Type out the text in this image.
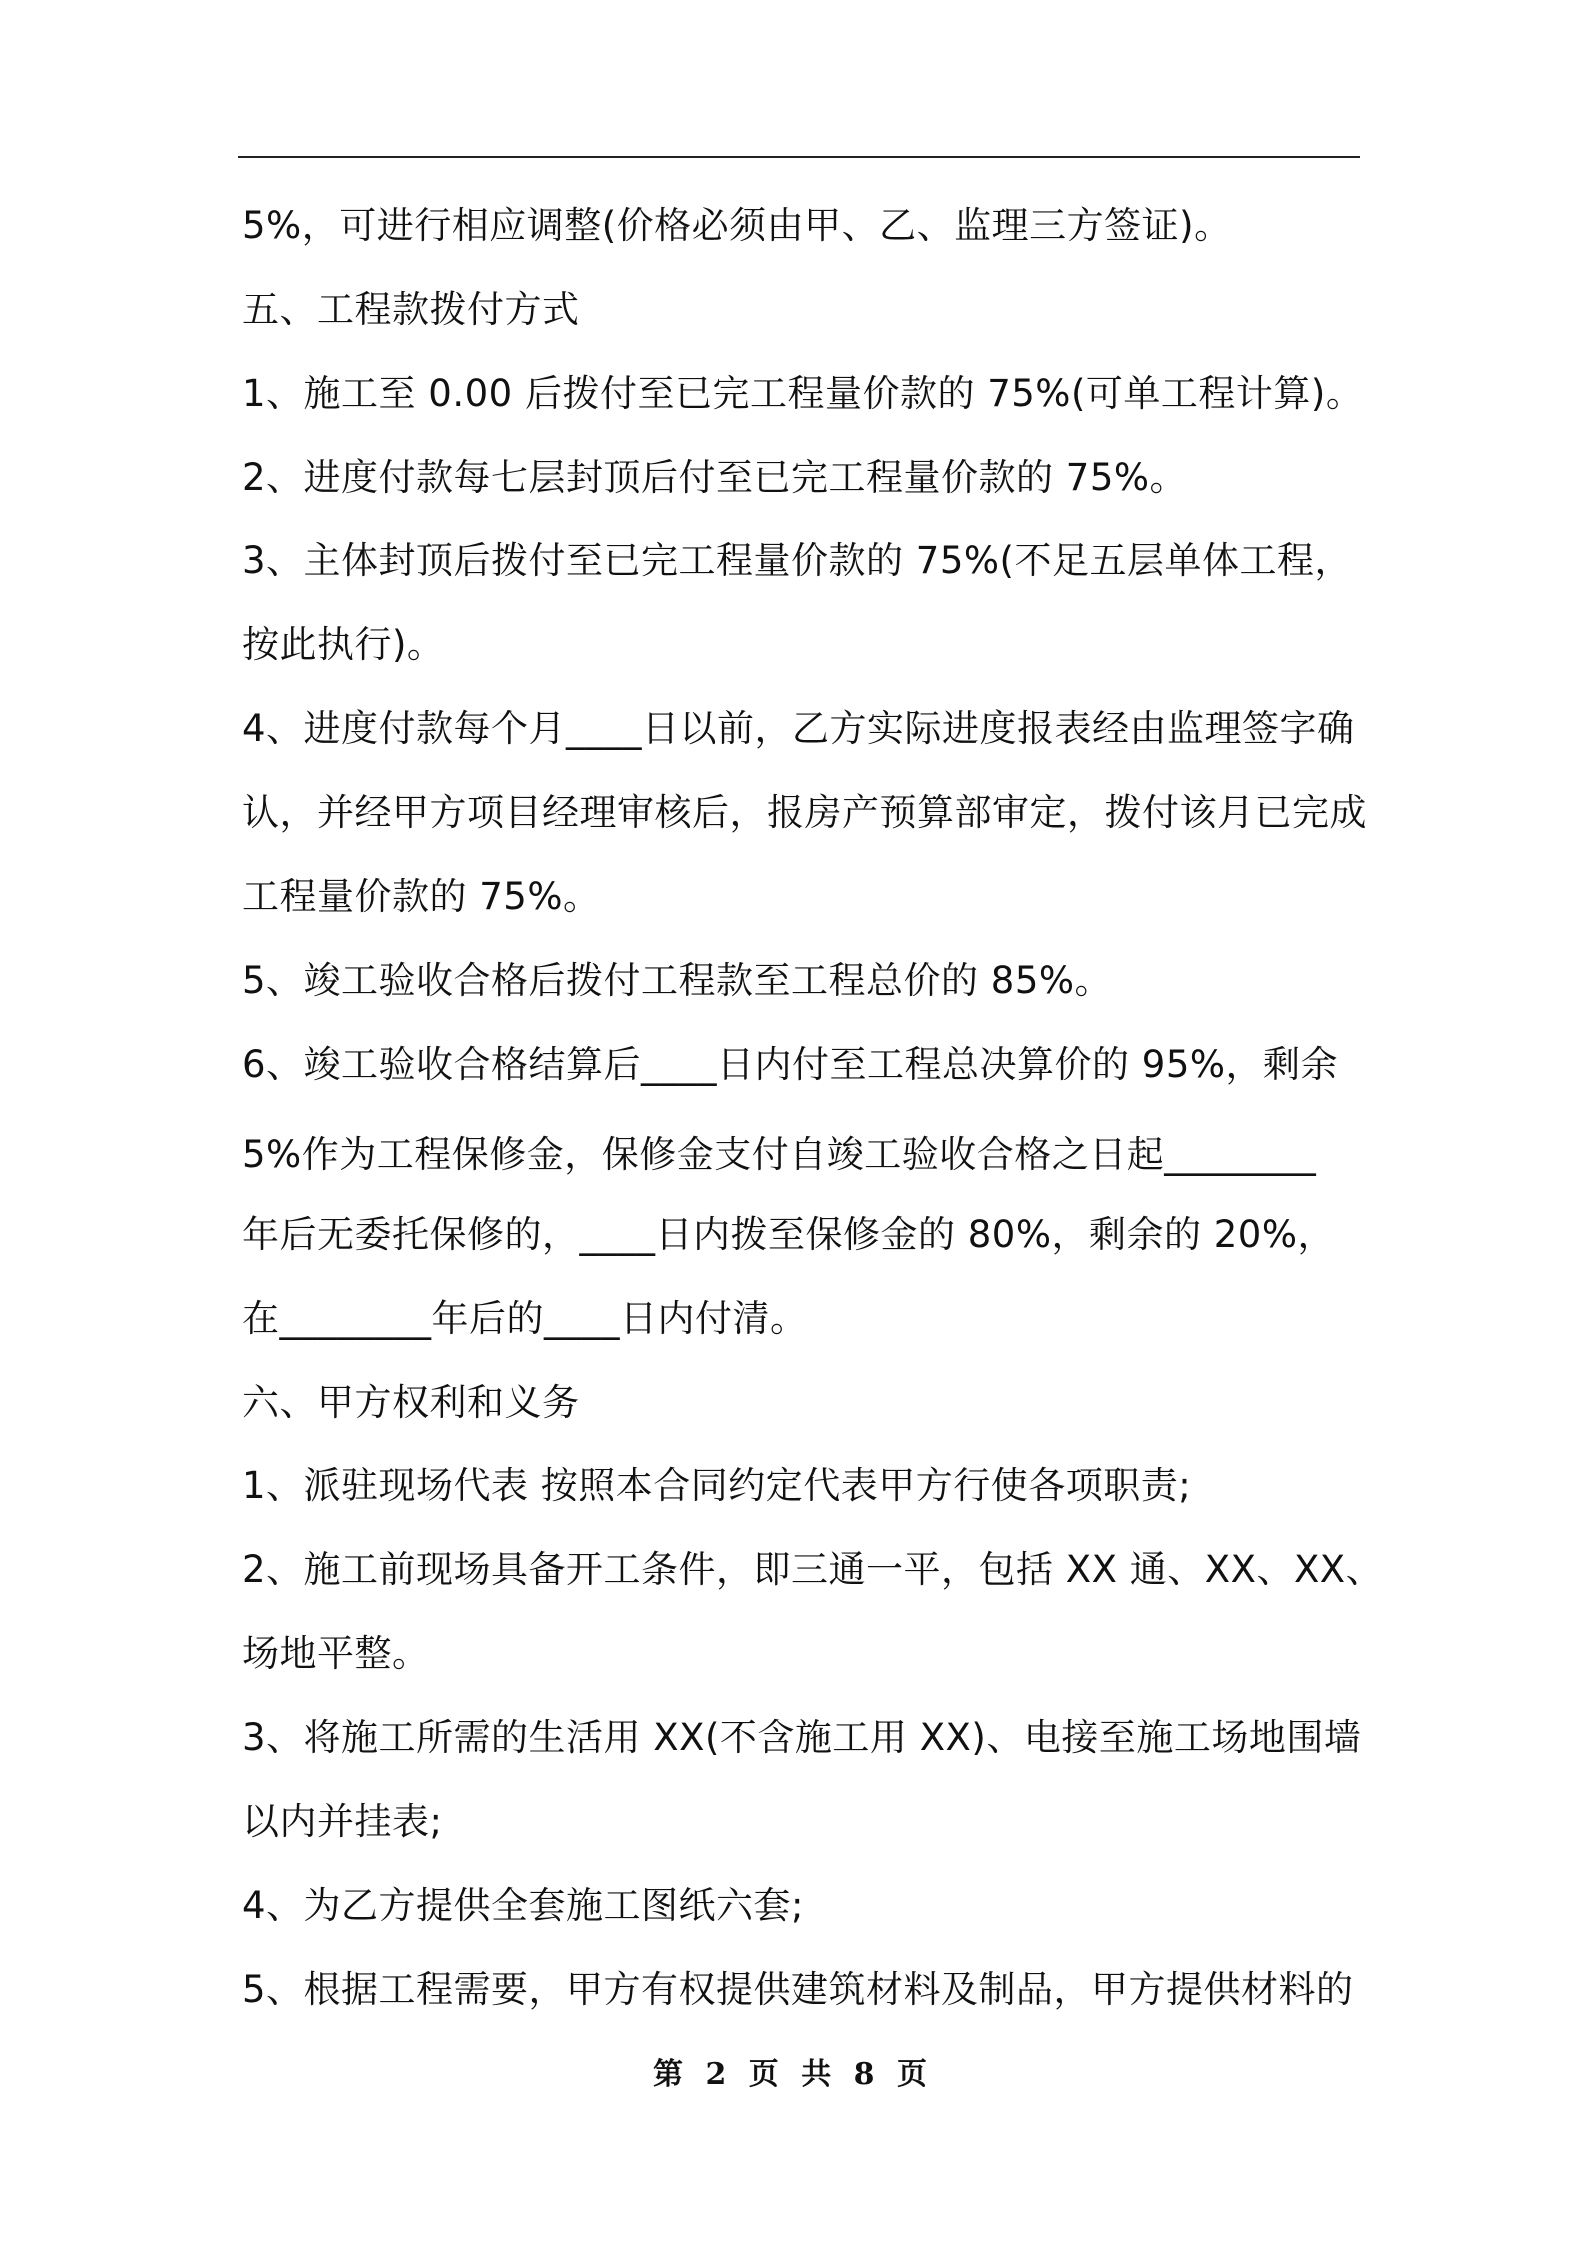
5%，可进行相应调整(价格必须由甲、乙、监理三方签证)。
五、工程款拨付方式
1、施工至 0.00 后拨付至已完工程量价款的 75%(可单工程计算)。
2、进度付款每七层封顶后付至已完工程量价款的 75%。
3、主体封顶后拨付至已完工程量价款的 75%(不足五层单体工程，
按此执行)。
4、进度付款每个月____日以前，乙方实际进度报表经由监理签字确
认，并经甲方项目经理审核后，报房产预算部审定，拨付该月已完成
工程量价款的 75%。
5、竣工验收合格后拨付工程款至工程总价的 85%。
6、竣工验收合格结算后____日内付至工程总决算价的 95%，剩余
5%作为工程保修金，保修金支付自竣工验收合格之日起________
年后无委托保修的，____日内拨至保修金的 80%，剩余的 20%，
在________年后的____日内付清。
六、甲方权利和义务
1、派驻现场代表 按照本合同约定代表甲方行使各项职责;
2、施工前现场具备开工条件，即三通一平，包括 XX 通、XX、XX、
场地平整。
3、将施工所需的生活用 XX(不含施工用 XX)、电接至施工场地围墙
以内并挂表;
4、为乙方提供全套施工图纸六套;
5、根据工程需要，甲方有权提供建筑材料及制品，甲方提供材料的
第 2 页 共 8 页
